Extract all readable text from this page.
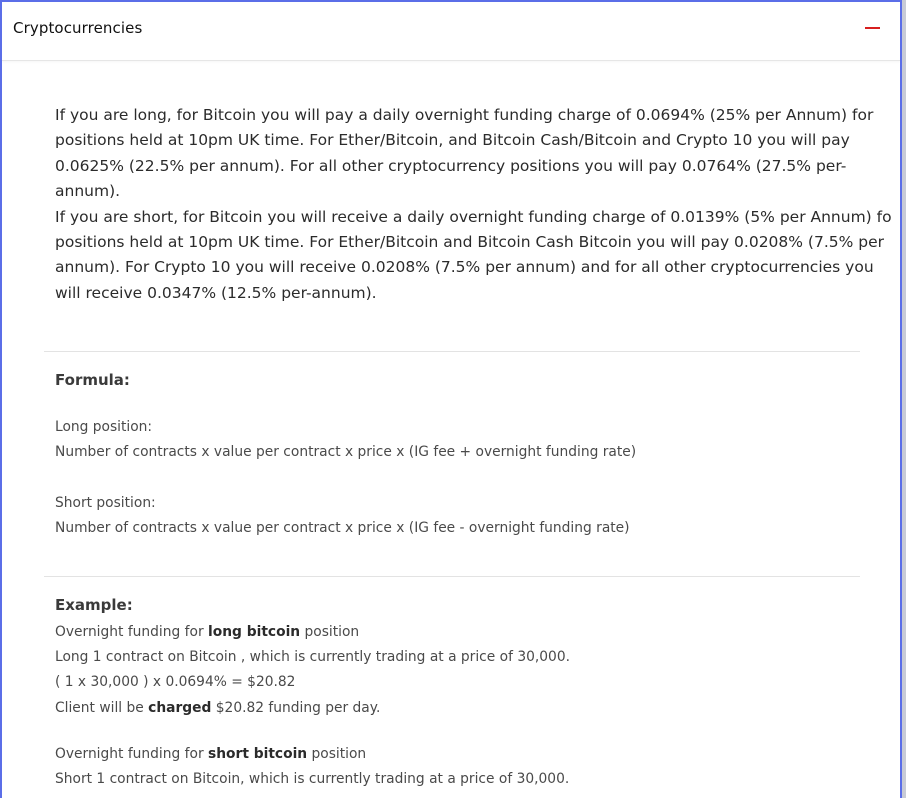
Cryptocurrencies
If you are long, for Bitcoin you will pay a daily overnight funding charge of 0.0694% (25% per Annum) for
positions held at 10pm UK time. For Ether/Bitcoin, and Bitcoin Cash/Bitcoin and Crypto 10 you will pay
0.0625% (22.5% per annum). For all other cryptocurrency positions you will pay 0.0764% (27.5% per-
annum).
If you are short, for Bitcoin you will receive a daily overnight funding charge of 0.0139% (5% per Annum) fo
positions held at 10pm UK time. For Ether/Bitcoin and Bitcoin Cash Bitcoin you will pay 0.0208% (7.5% per
annum). For Crypto 10 you will receive 0.0208% (7.5% per annum) and for all other cryptocurrencies you
will receive 0.0347% (12.5% per-annum).
Formula:
Long position:
Number of contracts x value per contract x price x (IG fee + overnight funding rate)
Short position:
Number of contracts x value per contract x price x (IG fee - overnight funding rate)
Example:
Overnight funding for long bitcoin position
Long 1 contract on Bitcoin , which is currently trading at a price of 30,000.
( 1 x 30,000 ) x 0.0694% = $20.82
Client will be charged $20.82 funding per day.
Overnight funding for short bitcoin position
Short 1 contract on Bitcoin, which is currently trading at a price of 30,000.
